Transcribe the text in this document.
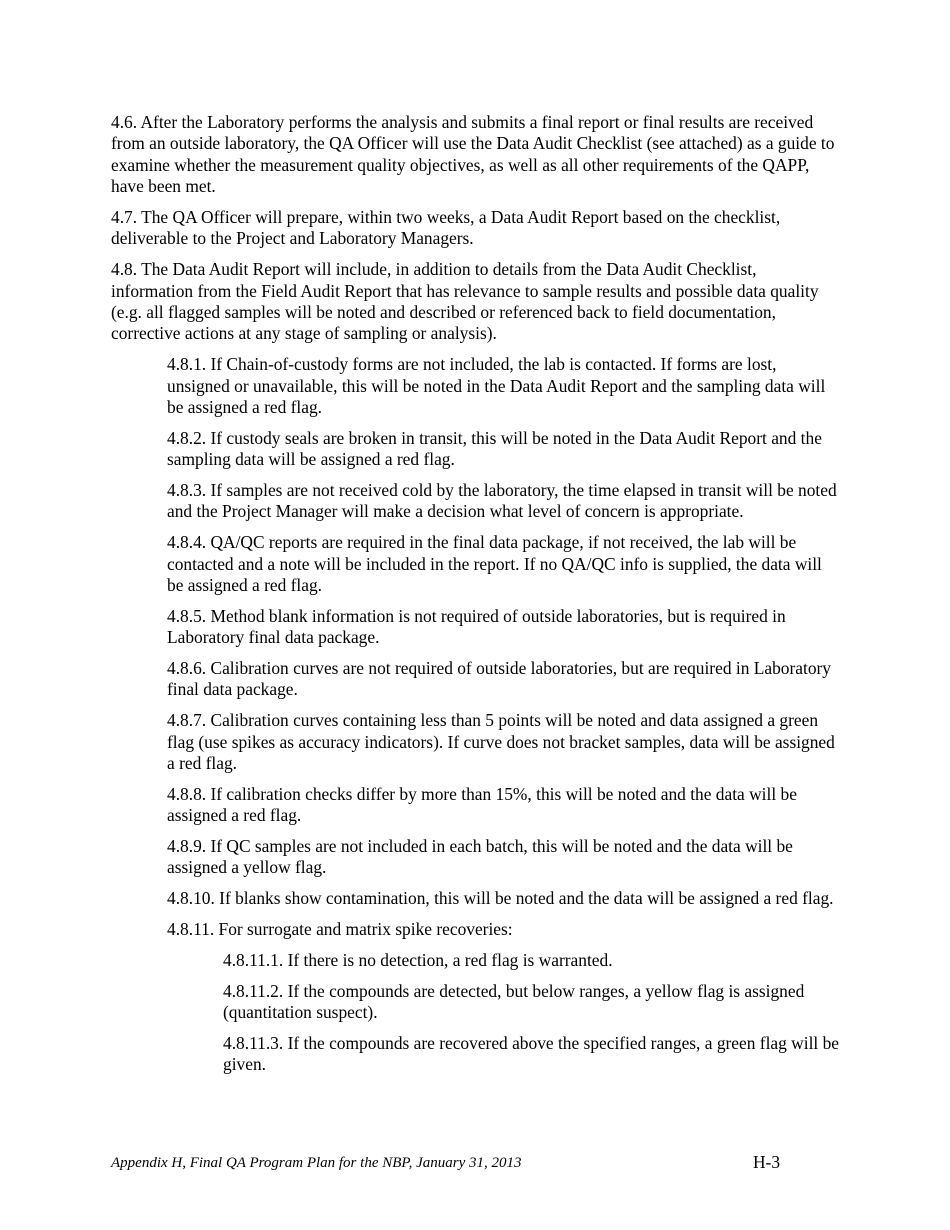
4.6. After the Laboratory performs the analysis and submits a final report or final results are received from an outside laboratory, the QA Officer will use the Data Audit Checklist (see attached) as a guide to examine whether the measurement quality objectives, as well as all other requirements of the QAPP, have been met.

4.7. The QA Officer will prepare, within two weeks, a Data Audit Report based on the checklist, deliverable to the Project and Laboratory Managers.

4.8. The Data Audit Report will include, in addition to details from the Data Audit Checklist, information from the Field Audit Report that has relevance to sample results and possible data quality (e.g. all flagged samples will be noted and described or referenced back to field documentation, corrective actions at any stage of sampling or analysis).

4.8.1. If Chain-of-custody forms are not included, the lab is contacted. If forms are lost, unsigned or unavailable, this will be noted in the Data Audit Report and the sampling data will be assigned a red flag.

4.8.2. If custody seals are broken in transit, this will be noted in the Data Audit Report and the sampling data will be assigned a red flag.

4.8.3. If samples are not received cold by the laboratory, the time elapsed in transit will be noted and the Project Manager will make a decision what level of concern is appropriate.

4.8.4. QA/QC reports are required in the final data package, if not received, the lab will be contacted and a note will be included in the report. If no QA/QC info is supplied, the data will be assigned a red flag.

4.8.5. Method blank information is not required of outside laboratories, but is required in Laboratory final data package.

4.8.6. Calibration curves are not required of outside laboratories, but are required in Laboratory final data package.

4.8.7. Calibration curves containing less than 5 points will be noted and data assigned a green flag (use spikes as accuracy indicators). If curve does not bracket samples, data will be assigned a red flag.

4.8.8. If calibration checks differ by more than 15%, this will be noted and the data will be assigned a red flag.

4.8.9. If QC samples are not included in each batch, this will be noted and the data will be assigned a yellow flag.

4.8.10. If blanks show contamination, this will be noted and the data will be assigned a red flag.

4.8.11. For surrogate and matrix spike recoveries:

4.8.11.1. If there is no detection, a red flag is warranted.

4.8.11.2. If the compounds are detected, but below ranges, a yellow flag is assigned (quantitation suspect).

4.8.11.3. If the compounds are recovered above the specified ranges, a green flag will be given.

Appendix H, Final QA Program Plan for the NBP, January 31, 2013	H-3
